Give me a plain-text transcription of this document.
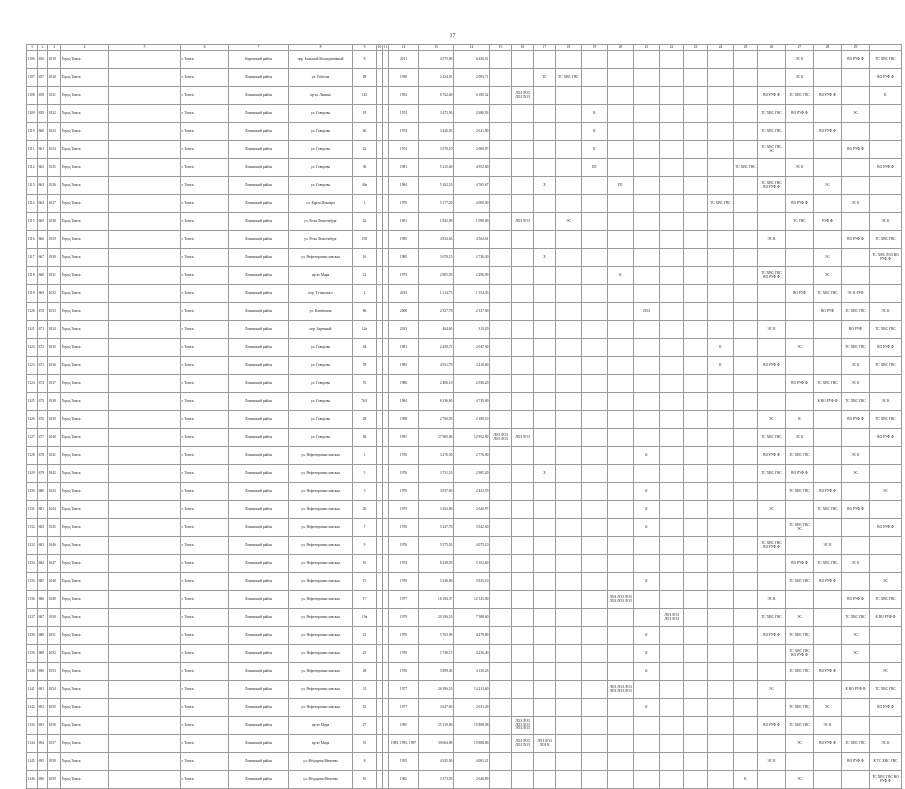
17
1	2	3	4	5	6	7	8	9	10	11	12	13	14	15	16	17	18	19	20	21	22	23	24	25	26	27	28	29	
1106	656	1019	Город Томск		г. Томск	Кировский район	пер. Большой Кооперативный	8			2011	4 575,00	6 456,51													ЭС К		ВО РУФ Ф	ТС ХВС ГВС
1107	657	1020	Город Томск		г. Томск	Ленинский район	ул. Рабочая	28			1958	2 234,01	2 093,71			ТС	ТС ХВС ГВС									ЭС К			ВО РУФ Ф
1108	658	1021	Город Томск		г. Томск	Ленинский район	пр-кт Ленина	143			1954	6 742,60	6 180,32		ЛОЗ ЛОЗ ЛОЗ ЛОЗ										ВО РУФ Ф	ТС ХВС ГВС	ВО РУФ Ф		К
1109	659	1022	Город Томск		г. Томск	Ленинский район	ул. Говорова	18			1974	3 475,90	2 680,93					К							ТС ХВС ГВС	ВО РУФ Ф		ЭС	
1110	660	1023	Город Томск		г. Томск	Ленинский район	ул. Говорова	40			1974	3 426,05	2 621,90					К							ТС ХВС ГВС		ВО РУФ Ф		
1111	661	1024	Город Томск		г. Томск	Ленинский район	ул. Говорова	22			1974	3 570,10	2 669,87					К							ТС ХВС ГВС ЭС			ВО РУФ Ф	
1112	662	1025	Город Томск		г. Томск	Ленинский район	ул. Говорова	36			1981	5 215,60	4 952,00					ПС						ТС ХВС ГВС		ЭС К			ВО РУФ Ф
1113	663	1026	Город Томск		г. Томск	Ленинский район	ул. Говорова	36а			1984	5 162,10	4 765,67			Х			ПС						ТС ХВС ГВС ВО РУФ Ф		ЭС		
1114	664	1027	Город Томск		г. Томск	Ленинский район	ул. Карла Ильмера	1			1976	5 177,20	4 000,00										ТС ХВС ГВС			ВО РУФ Ф		ЭС К	
1115	665	1028	Город Томск		г. Томск	Ленинский район	ул. Розы Люксембург	42			1961	1 825,09	1 090,00		ЛОЗ ЛОЗ		ЭС									ТС ГВС	РУФ Ф		ЭС К
1116	666	1029	Город Томск		г. Томск	Ленинский район	ул. Розы Люксембург	105			1995	4 834,63	4 564,61												ЭС К			ВО РУФ Ф	ТС ХВС ГВС
1117	667	1030	Город Томск		г. Томск	Ленинский район	ул. Нефтепромысловская	16			1985	3 678,15	2 736,30			Х											ЭС		ТС ХВС ЛОЗ ВО РУФ Ф
1118	668	1031	Город Томск		г. Томск	Ленинский район	пр-кт Мира	12			1975	2 805,50	2 296,90						К						ТС ХВС ГВС ВО РУФ Ф		ЭС		
1119	669	1032	Город Томск		г. Томск	Ленинский район	пер. Тутанского	2			2013	1 314,73	1 154,35													ВО РУФ	ТС ХВС ГВС	ЭС К РУФ	
1120	670	1033	Город Томск		г. Томск	Ленинский район	ул. Клюевская	86			2008	2 337,78	2 337,00							ЛОЗ							ВО РУФ	ТС ХВС ГВС	ЭС К
1121	671	1034	Город Томск		г. Томск	Ленинский район	пер. Заречный	12а			2013	464,60	313,20												ЭС К			ВО РУФ	ТС ХВС ГВС
1122	672	1035	Город Томск		г. Томск	Ленинский район	ул. Говорова	64			1981	2 458,72	2 047,90										К			ЭС		ТС ХВС ГВС	ВО РУФ Ф
1123	673	1036	Город Томск		г. Томск	Ленинский район	ул. Говорова	78			1983	4 931,79	4 418,00										К		ВО РУФ Ф			ЭС К	ТС ХВС ГВС
1124	674	1037	Город Томск		г. Томск	Ленинский район	ул. Говорова	76			1986	2 406,10	2 036,20													ВО РУФ Ф	ТС ХВС ГВС	ЭС К	
1125	675	1038	Город Томск		г. Томск	Ленинский район	ул. Говорова	76/1			1984	6 336,60	4 739,00														К ВО РУФ Ф	ТС ХВС ГВС	ЭС К
1126	676	1039	Город Томск		г. Томск	Ленинский район	ул. Говорова	28			1998	2 760,50	2 180,10												ЭС	К		ВО РУФ Ф	ТС ХВС ГВС
1127	677	1040	Город Томск		г. Томск	Ленинский район	ул. Говорова	84			1991	27 900,00	12 952,90	ЛОЗ ЛОЗ ЛОЗ ЛОЗ	ЛОЗ ЛОЗ										ТС ХВС ГВС	ЭС К			ВО РУФ Ф
1128	678	1041	Город Томск		г. Томск	Ленинский район	ул. Нефтепромысловская	1			1976	3 276,50	2 776,00							К					ВО РУФ Ф	ТС ХВС ГВС		ЭС К	
1129	679	1042	Город Томск		г. Томск	Ленинский район	ул. Нефтепромысловская	5			1976	3 731,10	2 985,20			Х									ТС ХВС ГВС	ВО РУФ Ф		ЭС	
1130	680	1043	Город Томск		г. Томск	Ленинский район	ул. Нефтепромысловская	5			1976	3 037,60	2 422,70							К						ТС ХВС ГВС	ВО РУФ Ф		ЭС
1131	681	1044	Город Томск		г. Томск	Ленинский район	ул. Нефтепромысловская	26			1979	3 363,80	2 640,97							К					ЭС		ТС ХВС ГВС	ВО РУФ Ф	
1132	682	1045	Город Томск		г. Томск	Ленинский район	ул. Нефтепромысловская	7			1976	5 247,70	3 942,60							К						ТС ХВС ГВС ЭС			ВО РУФ Ф
1133	683	1046	Город Томск		г. Томск	Ленинский район	ул. Нефтепромысловская	9			1976	5 575,02	4 075,10												ТС ХВС ГВС ВО РУФ Ф		ЭС К		
1134	684	1047	Город Томск		г. Томск	Ленинский район	ул. Нефтепромысловская	10			1974	6 238,50	5 163,60													ВО РУФ Ф	ТС ХВС ГВС	ЭС К	
1135	685	1048	Город Томск		г. Томск	Ленинский район	ул. Нефтепромысловская	15			1976	5 240,80	3 825,10							К						ТС ХВС ГВС	ВО РУФ Ф		ЭС
1136	686	1049	Город Томск		г. Томск	Ленинский район	ул. Нефтепромысловская	17			1977	16 184,37	12 335,00						ЛОЗ ЛОЗ ЛОЗ ЛОЗ ЛОЗ ЛОЗ						ЭС К			ВО РУФ Ф	ТС ХВС ГВС
1137	687	1050	Город Томск		г. Томск	Ленинский район	ул. Нефтепромысловская	19а			1979	20 196,10	7 588,60								ЛОЗ ЛОЗ ЛОЗ ЛОЗ				ТС ХВС ГВС	ЭС		ТС ХВС ГВС	К ВО РУФ Ф
1138	688	1051	Город Томск		г. Томск	Ленинский район	ул. Нефтепромысловская	21			1976	5 763,99	4 279,00							К					ВО РУФ Ф	ТС ХВС ГВС		ЭС	
1139	689	1052	Город Томск		г. Томск	Ленинский район	ул. Нефтепромысловская	23			1976	5 748,15	4 236,40							К						ТС ХВС ГВС ВО РУФ Ф		ЭС	
1140	690	1053	Город Томск		г. Томск	Ленинский район	ул. Нефтепромысловская	28			1976	5 899,45	4 130,23							К						ТС ХВС ГВС	ВО РУФ Ф		ЭС
1141	691	1054	Город Томск		г. Томск	Ленинский район	ул. Нефтепромысловская	31			1977	26 396,10	12 213,60						ЛОЗ ЛОЗ ЛОЗ ЛОЗ ЛОЗ ЛОЗ						ЭС			К ВО РУФ Ф	ТС ХВС ГВС
1142	692	1055	Город Томск		г. Томск	Ленинский район	ул. Нефтепромысловская	33			1977	3 647,60	2 631,20							К						ТС ХВС ГВС	ЭС		ВО РУФ Ф
1143	693	1056	Город Томск		г. Томск	Ленинский район	пр-кт Мира	27			1995	25 139,80	15 808,58		ЛОЗ ЛОЗ ЛОЗ ЛОЗ ЛОЗ ЛОЗ										ВО РУФ Ф	ТС ХВС ГВС	ЭС К		
1144	694	1057	Город Томск		г. Томск	Ленинский район	пр-кт Мира	31			1985, 1993, 1997	30 664,80	15 888,86		ЛОЗ ЛОЗ ЛОЗ ЛОЗ	ЛОЗ ЛОЗ ЛОЗ К										ЭС	ВО РУФ Ф	ТС ХВС ГВС	ЭС К
1145	695	1058	Город Томск		г. Томск	Ленинский район	ул. Фёдорова Мичеева	8			1955	4 925,00	4 081,21												ЭС К			ВО РУФ Ф	К ТС ХВС ГВС
1146	696	1059	Город Томск		г. Томск	Ленинский район	ул. Фёдорова Мичеева	10			1962	3 373,50	2 646,80											К		ЭС			ТС ХВС ГВС ВО РУФ Ф
